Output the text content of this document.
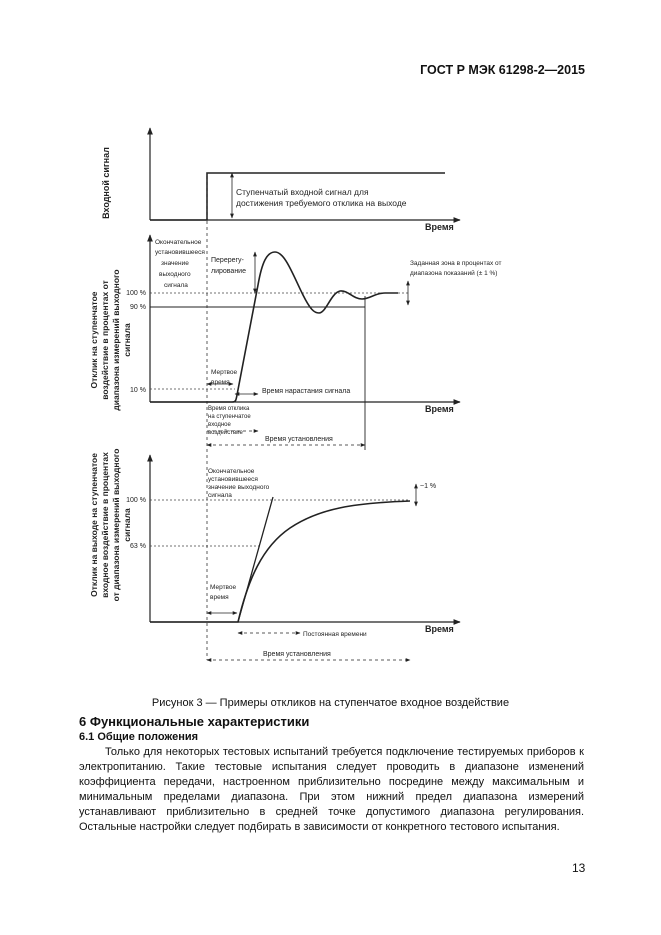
ГОСТ Р МЭК 61298-2—2015
Входной сигнал
Время
Ступенчатый входной сигнал для
достижения требуемого отклика на выходе
Отклик на ступенчатое воздействие в процентах от диапазона измерений выходного сигнала
100 %
90 %
10 %
Время
Окончательное
установившееся
значение
выходного
сигнала
Перерегу-
лирование
Заданная зона в процентах от
диапазона показаний (± 1 %)
Мертвое
время
Время нарастания сигнала
Время отклика
на ступенчатое
входное
воздействие
Время установления
Отклик на выходе на ступенчатое входное воздействие в процентах от диапазона измерений выходного сигнала
100 %
63 %
Время
Окончательное
установившееся
значение выходного
сигнала
~1 %
Мертвое
время
Постоянная времени
Время установления
Рисунок 3 — Примеры откликов на ступенчатое входное воздействие
6 Функциональные характеристики
6.1 Общие положения

Только для некоторых тестовых испытаний требуется подключение тестируемых приборов к электропитанию. Такие тестовые испытания следует проводить в диапазоне изменений коэффициента передачи, настроенном приблизительно посредине между максимальным и минимальным пределами диапазона. При этом нижний предел диапазона измерений устанавливают приблизительно в средней точке допустимого диапазона регулирования. Остальные настройки следует подбирать в зависимости от конкретного тестового испытания.

13
